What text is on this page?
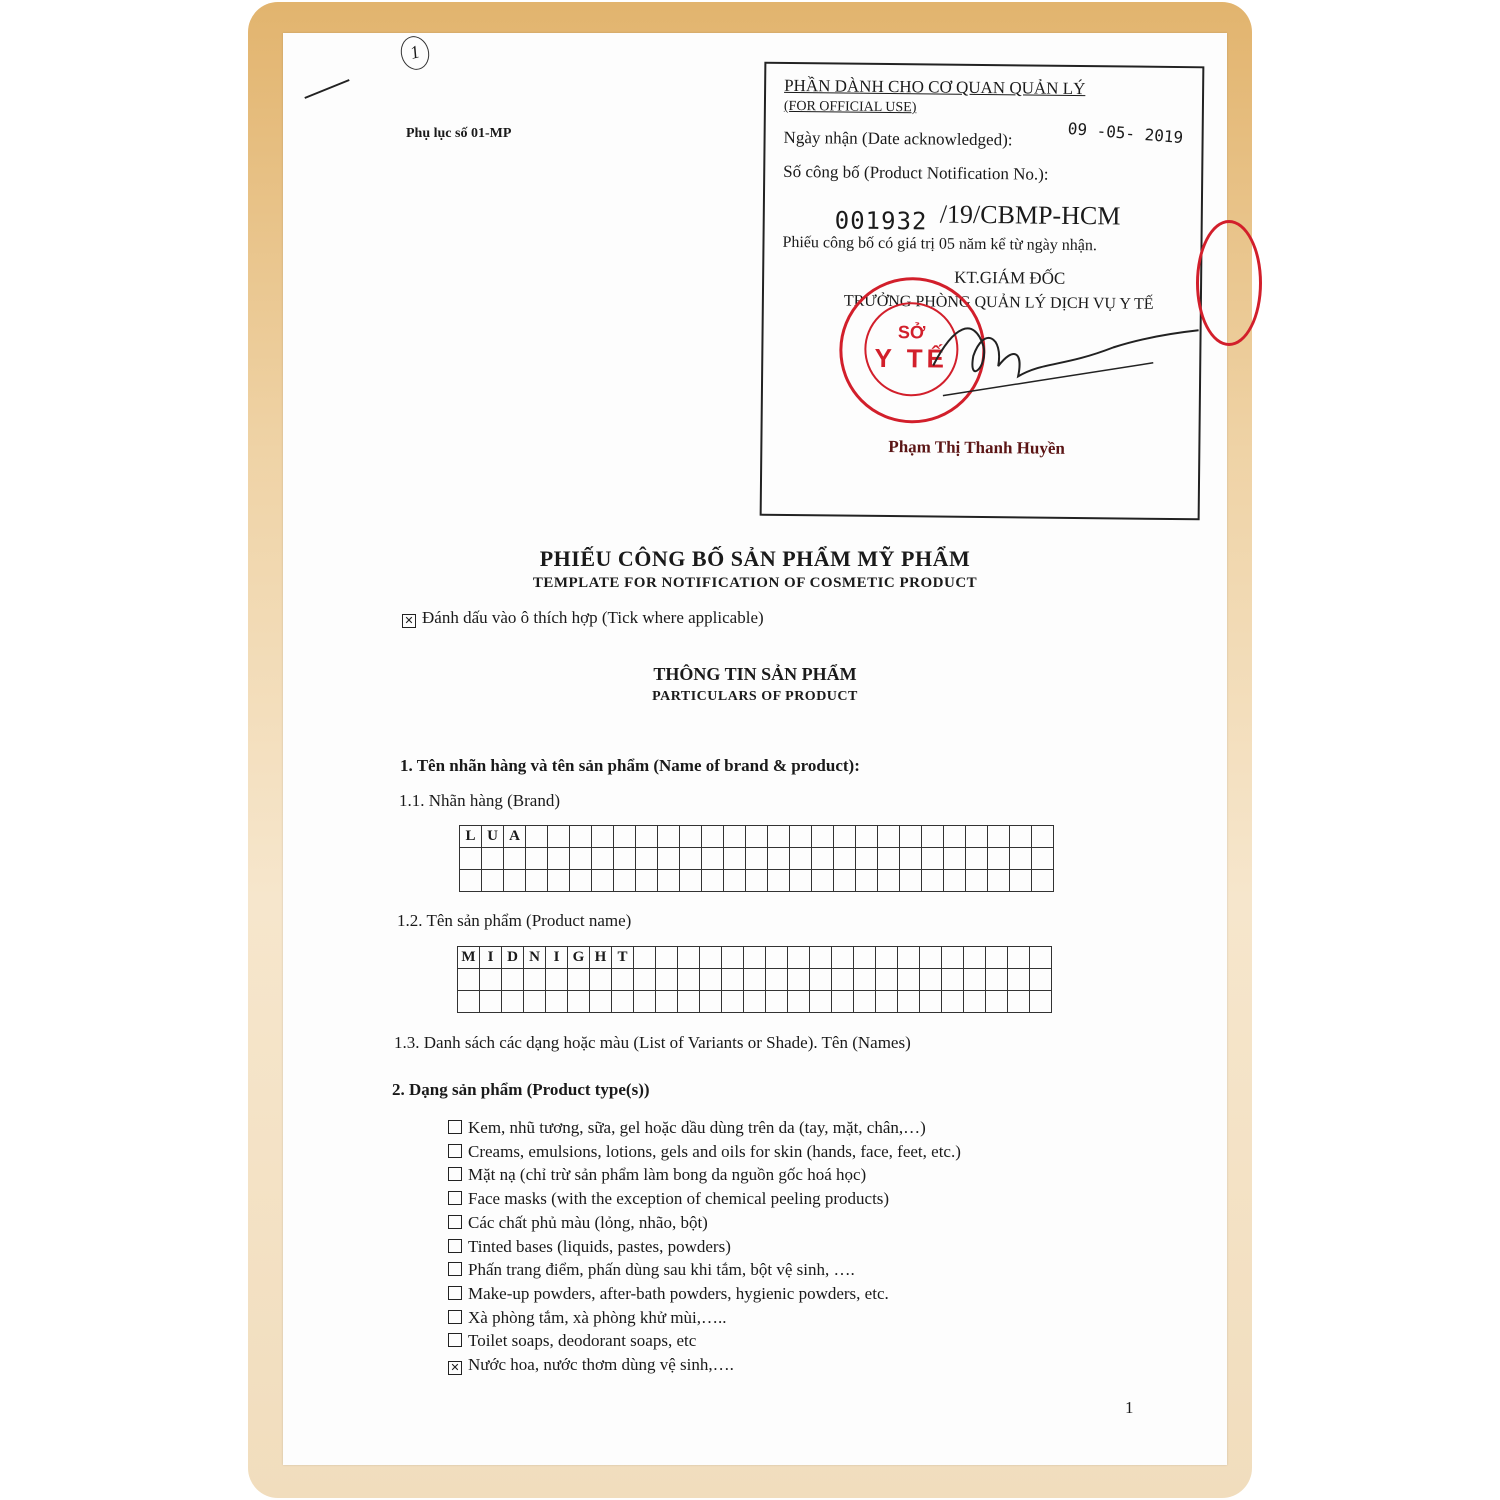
1
Phụ lục số 01-MP
PHẦN DÀNH CHO CƠ QUAN QUẢN LÝ
(FOR OFFICIAL USE)
Ngày nhận (Date acknowledged):	09 -05- 2019
Số công bố (Product Notification No.):
001932 /19/CBMP-HCM
Phiếu công bố có giá trị 05 năm kể từ ngày nhận.
KT.GIÁM ĐỐC
TRƯỞNG PHÒNG QUẢN LÝ DỊCH VỤ Y TẾ
SỞ
Y TẾ
Phạm Thị Thanh Huyền
PHIẾU CÔNG BỐ SẢN PHẨM MỸ PHẨM
TEMPLATE FOR NOTIFICATION OF COSMETIC PRODUCT
✕ Đánh dấu vào ô thích hợp (Tick where applicable)
THÔNG TIN SẢN PHẨM
PARTICULARS OF PRODUCT
1. Tên nhãn hàng và tên sản phẩm (Name of brand & product):
1.1. Nhãn hàng (Brand)
L	U	A																								

1.2. Tên sản phẩm (Product name)
M	I	D	N	I	G	H	T																			

1.3. Danh sách các dạng hoặc màu (List of Variants or Shade). Tên (Names)
2. Dạng sản phẩm (Product type(s))
Kem, nhũ tương, sữa, gel hoặc dầu dùng trên da (tay, mặt, chân,…)
Creams, emulsions, lotions, gels and oils for skin (hands, face, feet, etc.)
Mặt nạ (chỉ trừ sản phẩm làm bong da nguồn gốc hoá học)
Face masks (with the exception of chemical peeling products)
Các chất phủ màu (lỏng, nhão, bột)
Tinted bases (liquids, pastes, powders)
Phấn trang điểm, phấn dùng sau khi tắm, bột vệ sinh, ….
Make-up powders, after-bath powders, hygienic powders, etc.
Xà phòng tắm, xà phòng khử mùi,…..
Toilet soaps, deodorant soaps, etc
✕ Nước hoa, nước thơm dùng vệ sinh,….
1
